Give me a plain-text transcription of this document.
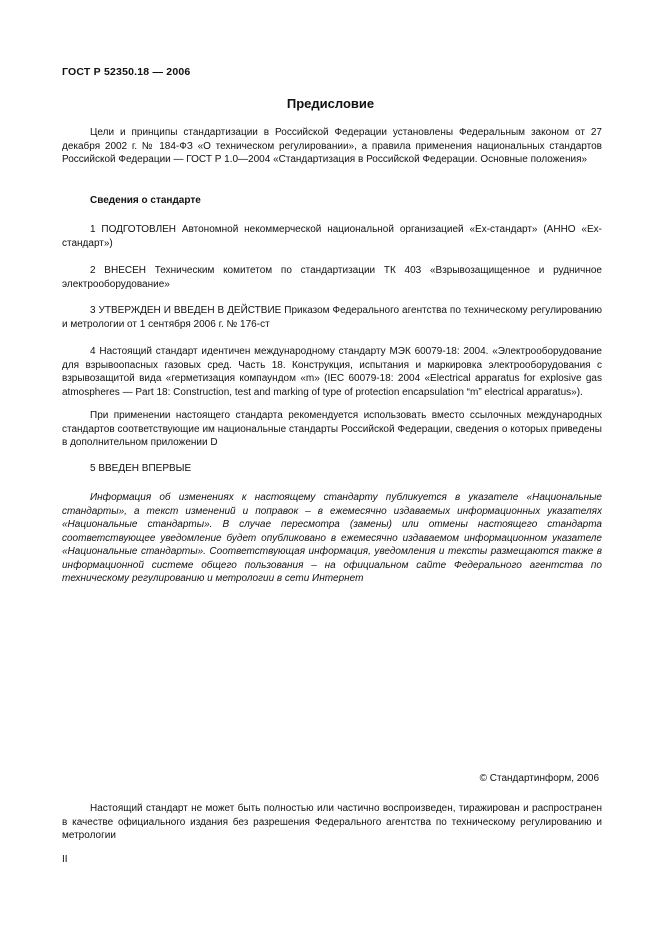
ГОСТ Р 52350.18 — 2006
Предисловие

Цели и принципы стандартизации в Российской Федерации установлены Федеральным законом от 27 декабря 2002 г. № 184-ФЗ «О техническом регулировании», а правила применения национальных стандартов Российской Федерации — ГОСТ Р 1.0—2004 «Стандартизация в Российской Федерации. Основные положения»

Сведения о стандарте

1 ПОДГОТОВЛЕН Автономной некоммерческой национальной организацией «Ех-стандарт» (АННО «Ех-стандарт»)

2 ВНЕСЕН Техническим комитетом по стандартизации ТК 403 «Взрывозащищенное и рудничное электрооборудование»

3 УТВЕРЖДЕН И ВВЕДЕН В ДЕЙСТВИЕ Приказом Федерального агентства по техническому регулированию и метрологии от 1 сентября 2006 г. № 176-ст

4 Настоящий стандарт идентичен международному стандарту МЭК 60079-18: 2004. «Электрооборудование для взрывоопасных газовых сред. Часть 18. Конструкция, испытания и маркировка электрооборудования с взрывозащитой вида «герметизация компаундом «m» (IEC 60079-18: 2004 «Electrical apparatus for explosive gas atmospheres — Part 18: Construction, test and marking of type of protection encapsulation “m” electrical apparatus»).

При применении настоящего стандарта рекомендуется использовать вместо ссылочных международных стандартов соответствующие им национальные стандарты Российской Федерации, сведения о которых приведены в дополнительном приложении D

5 ВВЕДЕН ВПЕРВЫЕ

Информация об изменениях к настоящему стандарту публикуется в указателе «Национальные стандарты», а текст изменений и поправок – в ежемесячно издаваемых информационных указателях «Национальные стандарты». В случае пересмотра (замены) или отмены настоящего стандарта соответствующее уведомление будет опубликовано в ежемесячно издаваемом информационном указателе «Национальные стандарты». Соответствующая информация, уведомления и тексты размещаются также в информационной системе общего пользования – на официальном сайте Федерального агентства по техническому регулированию и метрологии в сети Интернет

© Стандартинформ, 2006

Настоящий стандарт не может быть полностью или частично воспроизведен, тиражирован и распространен в качестве официального издания без разрешения Федерального агентства по техническому регулированию и метрологии

II
